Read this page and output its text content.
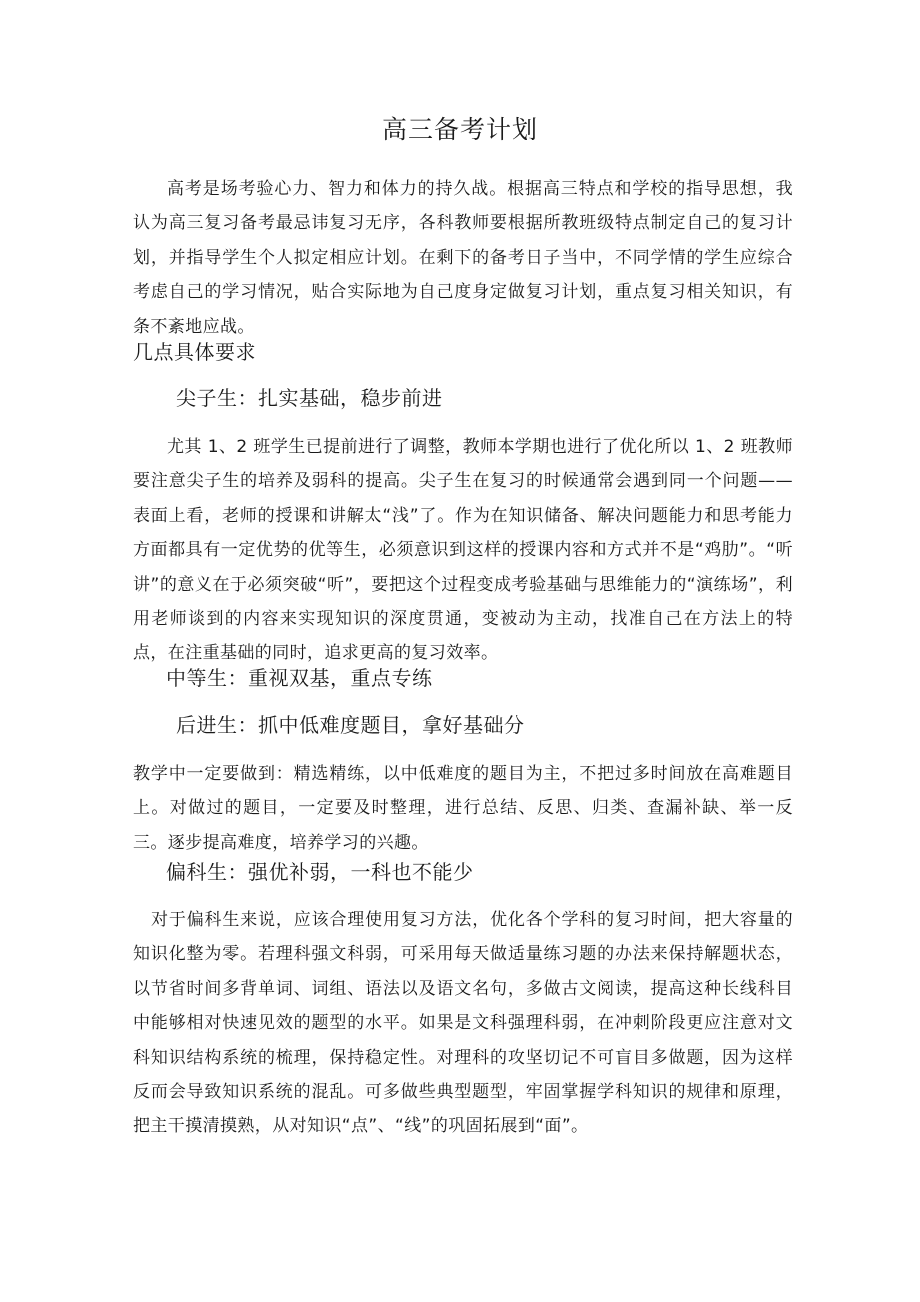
高三备考计划

高考是场考验心力、智力和体力的持久战。根据高三特点和学校的指导思想，我认为高三复习备考最忌讳复习无序，各科教师要根据所教班级特点制定自己的复习计划，并指导学生个人拟定相应计划。在剩下的备考日子当中，不同学情的学生应综合考虑自己的学习情况，贴合实际地为自己度身定做复习计划，重点复习相关知识，有条不紊地应战。

几点具体要求
尖子生：扎实基础，稳步前进

尤其 1、2 班学生已提前进行了调整，教师本学期也进行了优化所以 1、2 班教师要注意尖子生的培养及弱科的提高。尖子生在复习的时候通常会遇到同一个问题——表面上看，老师的授课和讲解太“浅”了。作为在知识储备、解决问题能力和思考能力方面都具有一定优势的优等生，必须意识到这样的授课内容和方式并不是“鸡肋”。“听讲”的意义在于必须突破“听”，要把这个过程变成考验基础与思维能力的“演练场”，利用老师谈到的内容来实现知识的深度贯通，变被动为主动，找准自己在方法上的特点，在注重基础的同时，追求更高的复习效率。

中等生：重视双基，重点专练
后进生：抓中低难度题目，拿好基础分

教学中一定要做到：精选精练，以中低难度的题目为主，不把过多时间放在高难题目上。对做过的题目，一定要及时整理，进行总结、反思、归类、查漏补缺、举一反三。逐步提高难度，培养学习的兴趣。

偏科生：强优补弱，一科也不能少

对于偏科生来说，应该合理使用复习方法，优化各个学科的复习时间，把大容量的知识化整为零。若理科强文科弱，可采用每天做适量练习题的办法来保持解题状态，以节省时间多背单词、词组、语法以及语文名句，多做古文阅读，提高这种长线科目中能够相对快速见效的题型的水平。如果是文科强理科弱，在冲刺阶段更应注意对文科知识结构系统的梳理，保持稳定性。对理科的攻坚切记不可盲目多做题，因为这样反而会导致知识系统的混乱。可多做些典型题型，牢固掌握学科知识的规律和原理，把主干摸清摸熟，从对知识“点”、“线”的巩固拓展到“面”。
